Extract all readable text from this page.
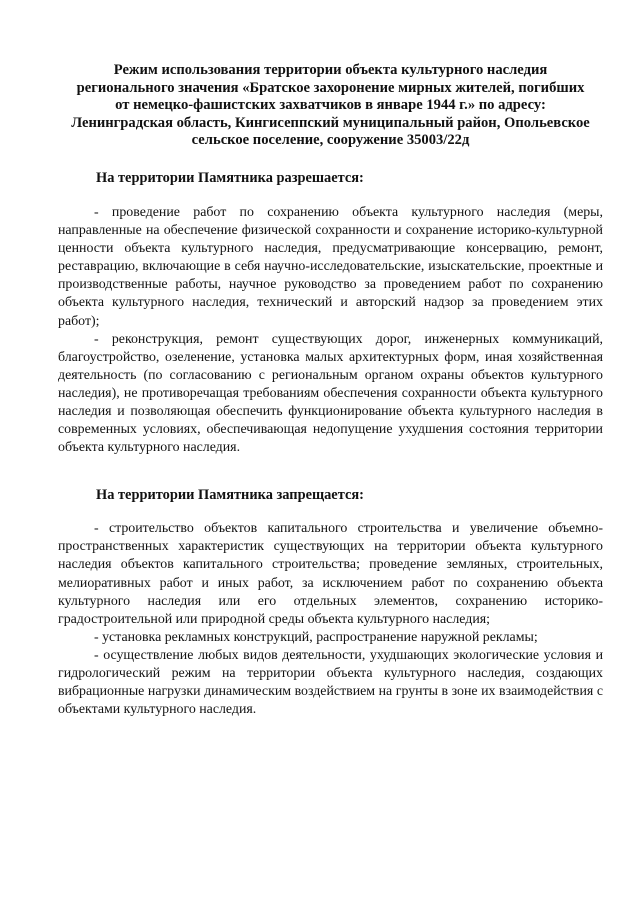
Режим использования территории объекта культурного наследия
регионального значения «Братское захоронение мирных жителей, погибших
от немецко-фашистских захватчиков в январе 1944 г.» по адресу:
Ленинградская область, Кингисеппский муниципальный район, Опольевское
сельское поселение, сооружение 35003/22д
На территории Памятника разрешается:

- проведение работ по сохранению объекта культурного наследия (меры, направленные на обеспечение физической сохранности и сохранение историко-культурной ценности объекта культурного наследия, предусматривающие консервацию, ремонт, реставрацию, включающие в себя научно-исследовательские, изыскательские, проектные и производственные работы, научное руководство за проведением работ по сохранению объекта культурного наследия, технический и авторский надзор за проведением этих работ);

- реконструкция, ремонт существующих дорог, инженерных коммуникаций, благоустройство, озеленение, установка малых архитектурных форм, иная хозяйственная деятельность (по согласованию с региональным органом охраны объектов культурного наследия), не противоречащая требованиям обеспечения сохранности объекта культурного наследия и позволяющая обеспечить функционирование объекта культурного наследия в современных условиях, обеспечивающая недопущение ухудшения состояния территории объекта культурного наследия.

На территории Памятника запрещается:

- строительство объектов капитального строительства и увеличение объемно-пространственных характеристик существующих на территории объекта культурного наследия объектов капитального строительства; проведение земляных, строительных, мелиоративных работ и иных работ, за исключением работ по сохранению объекта культурного наследия или его отдельных элементов, сохранению историко-градостроительной или природной среды объекта культурного наследия;

- установка рекламных конструкций, распространение наружной рекламы;

- осуществление любых видов деятельности, ухудшающих экологические условия и гидрологический режим на территории объекта культурного наследия, создающих вибрационные нагрузки динамическим воздействием на грунты в зоне их взаимодействия с объектами культурного наследия.
